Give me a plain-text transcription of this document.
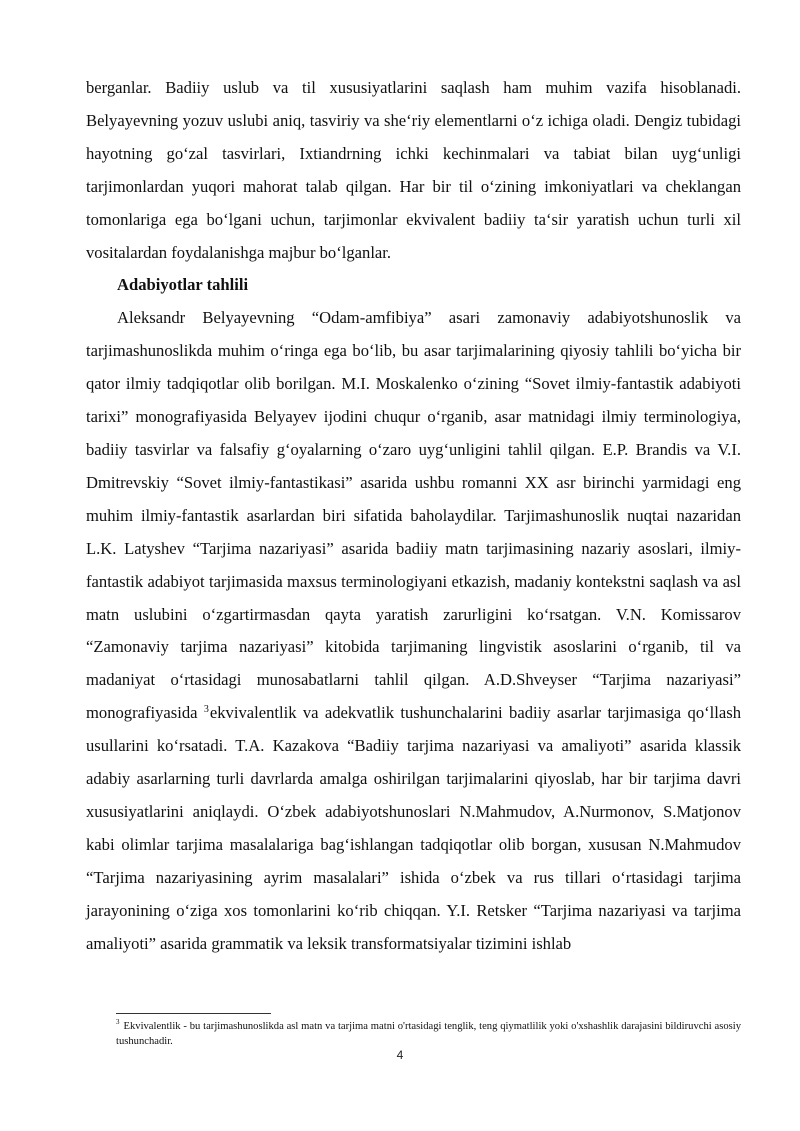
berganlar. Badiiy uslub va til xususiyatlarini saqlash ham muhim vazifa hisoblanadi. Belyayevning yozuv uslubi aniq, tasviriy va she‘riy elementlarni o‘z ichiga oladi. Dengiz tubidagi hayotning go‘zal tasvirlari, Ixtiandrning ichki kechinmalari va tabiat bilan uyg‘unligi tarjimonlardan yuqori mahorat talab qilgan. Har bir til o‘zining imkoniyatlari va cheklangan tomonlariga ega bo‘lgani uchun, tarjimonlar ekvivalent badiiy ta‘sir yaratish uchun turli xil vositalardan foydalanishga majbur bo‘lganlar.

Adabiyotlar tahlili

Aleksandr Belyayevning “Odam-amfibiya” asari zamonaviy adabiyotshunoslik va tarjimashunoslikda muhim o‘ringa ega bo‘lib, bu asar tarjimalarining qiyosiy tahlili bo‘yicha bir qator ilmiy tadqiqotlar olib borilgan. M.I. Moskalenko o‘zining “Sovet ilmiy-fantastik adabiyoti tarixi” monografiyasida Belyayev ijodini chuqur o‘rganib, asar matnidagi ilmiy terminologiya, badiiy tasvirlar va falsafiy g‘oyalarning o‘zaro uyg‘unligini tahlil qilgan. E.P. Brandis va V.I. Dmitrevskiy “Sovet ilmiy-fantastikasi” asarida ushbu romanni XX asr birinchi yarmidagi eng muhim ilmiy-fantastik asarlardan biri sifatida baholaydilar. Tarjimashunoslik nuqtai nazaridan L.K. Latyshev “Tarjima nazariyasi” asarida badiiy matn tarjimasining nazariy asoslari, ilmiy-fantastik adabiyot tarjimasida maxsus terminologiyani etkazish, madaniy kontekstni saqlash va asl matn uslubini o‘zgartirmasdan qayta yaratish zarurligini ko‘rsatgan. V.N. Komissarov “Zamonaviy tarjima nazariyasi” kitobida tarjimaning lingvistik asoslarini o‘rganib, til va madaniyat o‘rtasidagi munosabatlarni tahlil qilgan. A.D.Shveyser “Tarjima nazariyasi” monografiyasida $^3$ekvivalentlik va adekvatlik tushunchalarini badiiy asarlar tarjimasiga qo‘llash usullarini ko‘rsatadi. T.A. Kazakova “Badiiy tarjima nazariyasi va amaliyoti” asarida klassik adabiy asarlarning turli davrlarda amalga oshirilgan tarjimalarini qiyoslab, har bir tarjima davri xususiyatlarini aniqlaydi. O‘zbek adabiyotshunoslari N.Mahmudov, A.Nurmonov, S.Matjonov kabi olimlar tarjima masalalariga bag‘ishlangan tadqiqotlar olib borgan, xususan N.Mahmudov “Tarjima nazariyasining ayrim masalalari” ishida o‘zbek va rus tillari o‘rtasidagi tarjima jarayonining o‘ziga xos tomonlarini ko‘rib chiqqan. Y.I. Retsker “Tarjima nazariyasi va tarjima amaliyoti” asarida grammatik va leksik transformatsiyalar tizimini ishlab

$^3$ Ekvivalentlik - bu tarjimashunoslikda asl matn va tarjima matni o'rtasidagi tenglik, teng qiymatlilik yoki o'xshashlik darajasini bildiruvchi asosiy tushunchadir.

4
